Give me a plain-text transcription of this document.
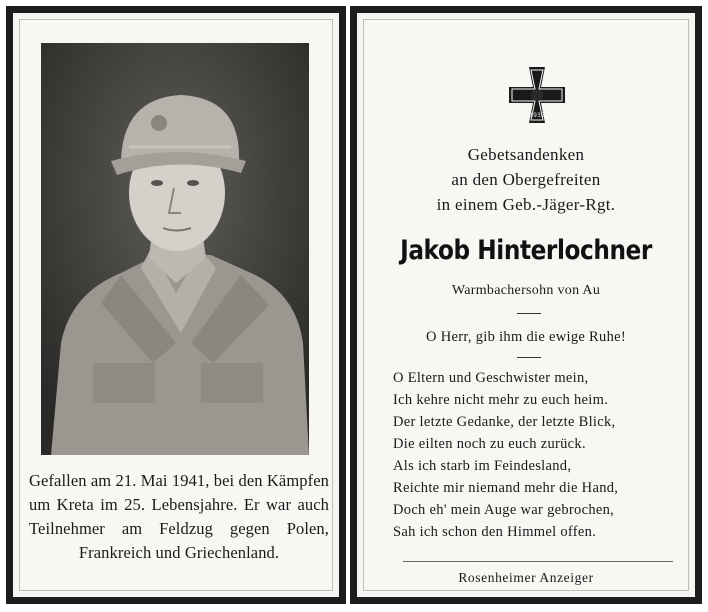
Gefallen am 21. Mai 1941, bei den Kämpfen um Kreta im 25. Lebensjahre. Er war auch Teilnehmer am Feldzug gegen Polen, Frankreich und Griechenland.
1939
Gebetsandenken
an den Obergefreiten
in einem Geb.-Jäger-Rgt.
Jakob Hinterlochner
Warmbachersohn von Au
O Herr, gib ihm die ewige Ruhe!
O Eltern und Geschwister mein,
Ich kehre nicht mehr zu euch heim.
Der letzte Gedanke, der letzte Blick,
Die eilten noch zu euch zurück.
Als ich starb im Feindesland,
Reichte mir niemand mehr die Hand,
Doch eh' mein Auge war gebrochen,
Sah ich schon den Himmel offen.
Rosenheimer Anzeiger
